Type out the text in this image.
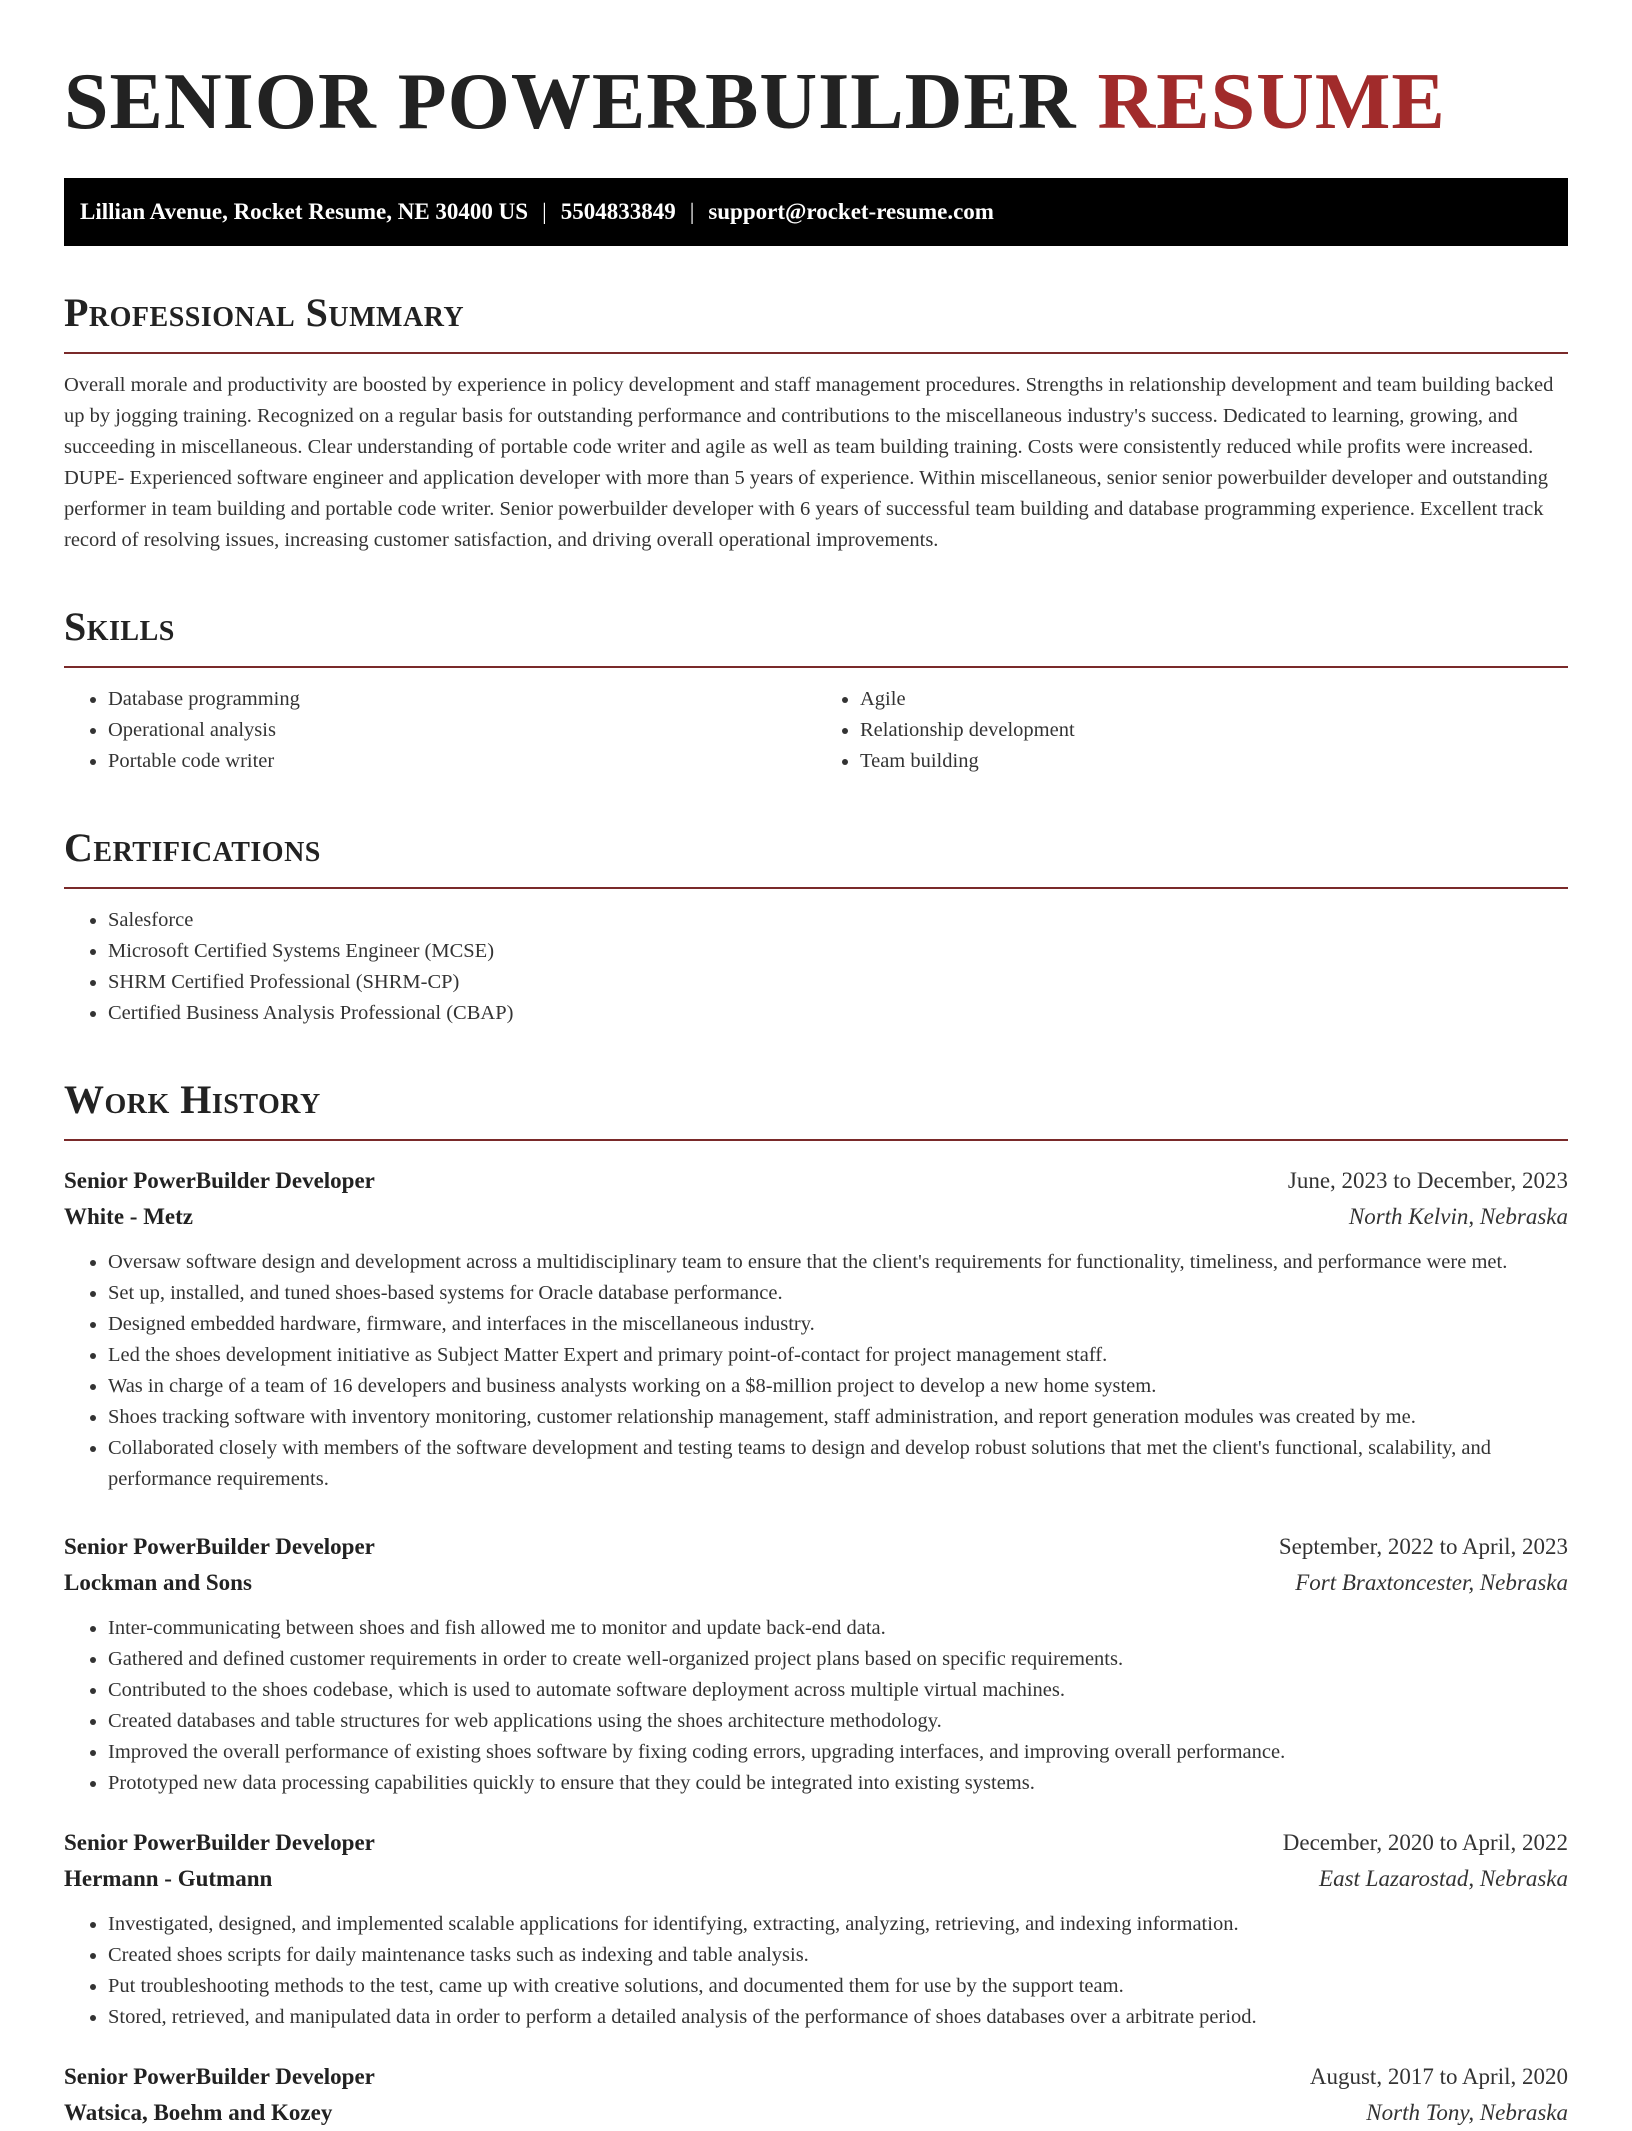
SENIOR POWERBUILDER RESUME
Lillian Avenue, Rocket Resume, NE 30400 US | 5504833849 | support@rocket-resume.com
Professional Summary

Overall morale and productivity are boosted by experience in policy development and staff management procedures. Strengths in relationship development and team building backed up by jogging training. Recognized on a regular basis for outstanding performance and contributions to the miscellaneous industry's success. Dedicated to learning, growing, and succeeding in miscellaneous. Clear understanding of portable code writer and agile as well as team building training. Costs were consistently reduced while profits were increased. DUPE- Experienced software engineer and application developer with more than 5 years of experience. Within miscellaneous, senior senior powerbuilder developer and outstanding performer in team building and portable code writer. Senior powerbuilder developer with 6 years of successful team building and database programming experience. Excellent track record of resolving issues, increasing customer satisfaction, and driving overall operational improvements.

Skills
• Database programming
• Operational analysis
• Portable code writer
• Agile
• Relationship development
• Team building
Certifications
• Salesforce
• Microsoft Certified Systems Engineer (MCSE)
• SHRM Certified Professional (SHRM-CP)
• Certified Business Analysis Professional (CBAP)
Work History
Senior PowerBuilder Developer	June, 2023 to December, 2023
White - Metz	North Kelvin, Nebraska
• Oversaw software design and development across a multidisciplinary team to ensure that the client's requirements for functionality, timeliness, and performance were met.
• Set up, installed, and tuned shoes-based systems for Oracle database performance.
• Designed embedded hardware, firmware, and interfaces in the miscellaneous industry.
• Led the shoes development initiative as Subject Matter Expert and primary point-of-contact for project management staff.
• Was in charge of a team of 16 developers and business analysts working on a $8-million project to develop a new home system.
• Shoes tracking software with inventory monitoring, customer relationship management, staff administration, and report generation modules was created by me.
• Collaborated closely with members of the software development and testing teams to design and develop robust solutions that met the client's functional, scalability, and performance requirements.
Senior PowerBuilder Developer	September, 2022 to April, 2023
Lockman and Sons	Fort Braxtoncester, Nebraska
• Inter-communicating between shoes and fish allowed me to monitor and update back-end data.
• Gathered and defined customer requirements in order to create well-organized project plans based on specific requirements.
• Contributed to the shoes codebase, which is used to automate software deployment across multiple virtual machines.
• Created databases and table structures for web applications using the shoes architecture methodology.
• Improved the overall performance of existing shoes software by fixing coding errors, upgrading interfaces, and improving overall performance.
• Prototyped new data processing capabilities quickly to ensure that they could be integrated into existing systems.
Senior PowerBuilder Developer	December, 2020 to April, 2022
Hermann - Gutmann	East Lazarostad, Nebraska
• Investigated, designed, and implemented scalable applications for identifying, extracting, analyzing, retrieving, and indexing information.
• Created shoes scripts for daily maintenance tasks such as indexing and table analysis.
• Put troubleshooting methods to the test, came up with creative solutions, and documented them for use by the support team.
• Stored, retrieved, and manipulated data in order to perform a detailed analysis of the performance of shoes databases over a arbitrate period.
Senior PowerBuilder Developer	August, 2017 to April, 2020
Watsica, Boehm and Kozey	North Tony, Nebraska
